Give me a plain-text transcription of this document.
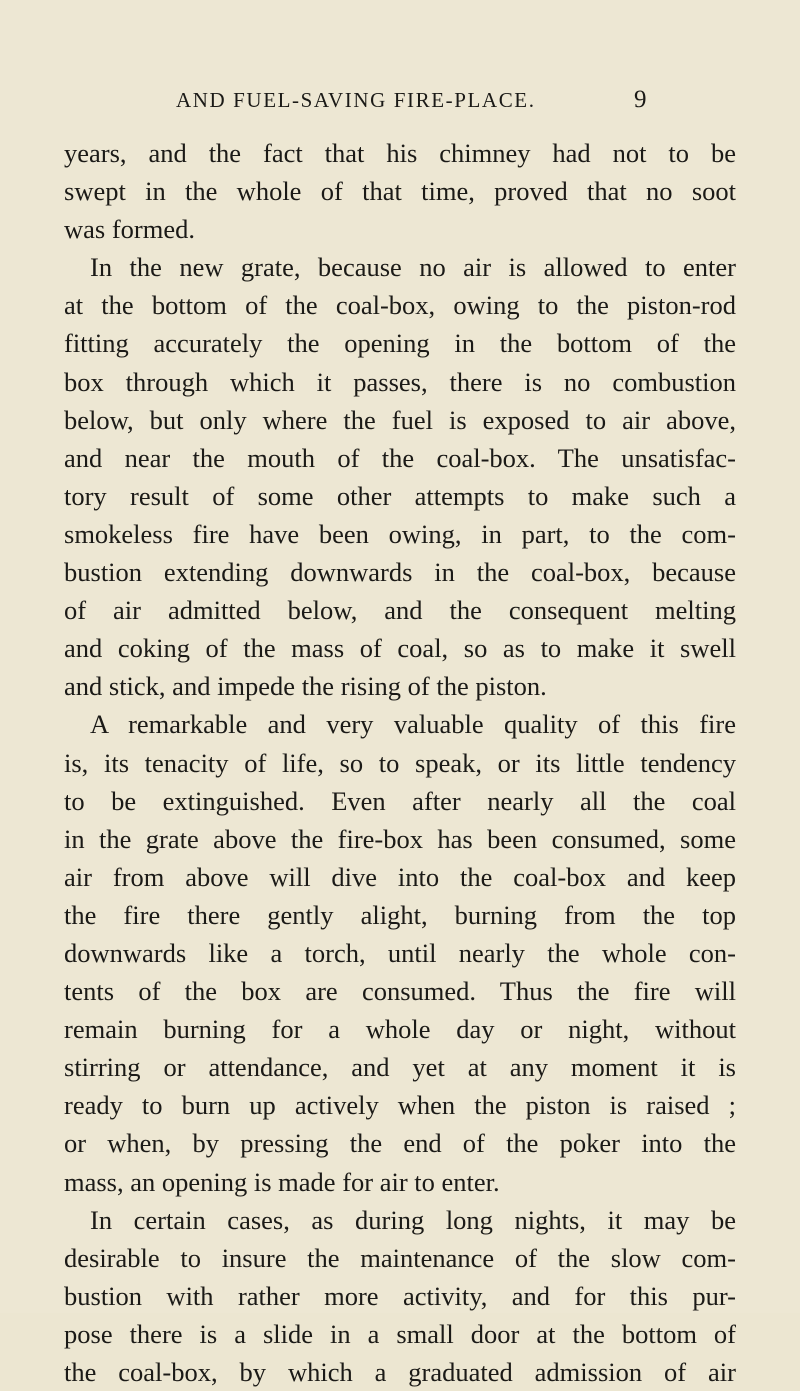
AND FUEL-SAVING FIRE-PLACE.	9
years, and the fact that his chimney had not to be
swept in the whole of that time, proved that no soot
was formed.
In the new grate, because no air is allowed to enter
at the bottom of the coal-box, owing to the piston-rod
fitting accurately the opening in the bottom of the
box through which it passes, there is no combustion
below, but only where the fuel is exposed to air above,
and near the mouth of the coal-box. The unsatisfac-
tory result of some other attempts to make such a
smokeless fire have been owing, in part, to the com-
bustion extending downwards in the coal-box, because
of air admitted below, and the consequent melting
and coking of the mass of coal, so as to make it swell
and stick, and impede the rising of the piston.
A remarkable and very valuable quality of this fire
is, its tenacity of life, so to speak, or its little tendency
to be extinguished. Even after nearly all the coal
in the grate above the fire-box has been consumed, some
air from above will dive into the coal-box and keep
the fire there gently alight, burning from the top
downwards like a torch, until nearly the whole con-
tents of the box are consumed. Thus the fire will
remain burning for a whole day or night, without
stirring or attendance, and yet at any moment it is
ready to burn up actively when the piston is raised ;
or when, by pressing the end of the poker into the
mass, an opening is made for air to enter.
In certain cases, as during long nights, it may be
desirable to insure the maintenance of the slow com-
bustion with rather more activity, and for this pur-
pose there is a slide in a small door at the bottom of
the coal-box, by which a graduated admission of air
